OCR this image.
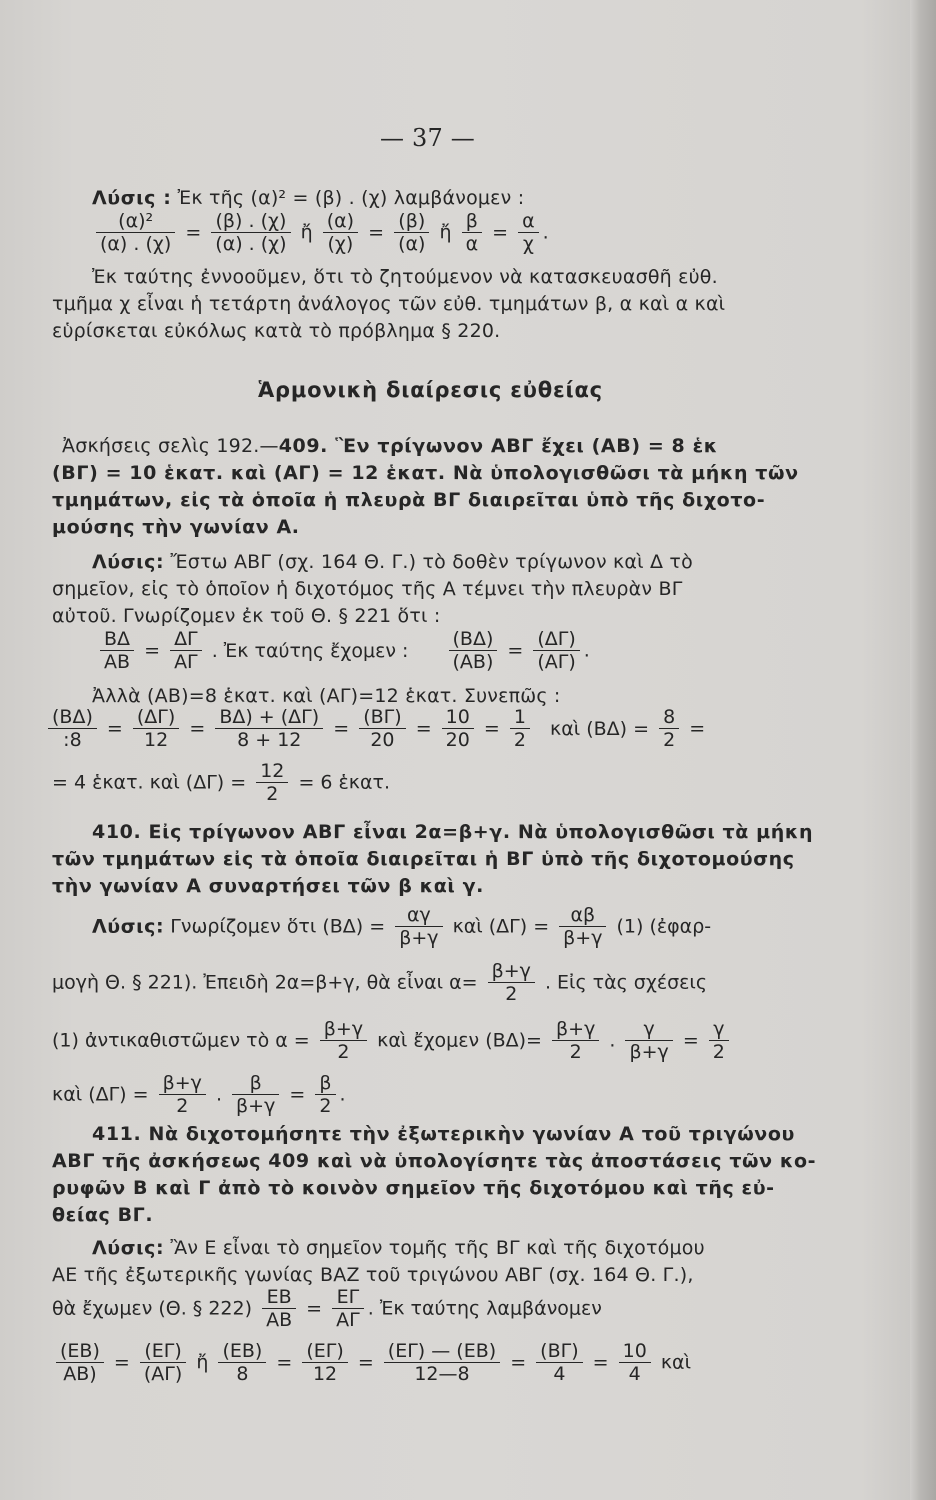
— 37 —
Λύσις : Ἐκ τῆς (α)² = (β) . (χ) λαμβάνομεν :
$\frac{\text{(α)²}}{(\alpha) . (\chi)} = \frac{(\beta) . (\chi)}{(\alpha) . (\chi)}$ ἤ $\frac{(\alpha)}{(\chi)} = \frac{(\beta)}{(\alpha)}$ ἤ $\frac{\beta}{\alpha} = \frac{\alpha}{\chi}$ .
Ἐκ ταύτης ἐννοοῦμεν, ὅτι τὸ ζητούμενον νὰ κατασκευασθῆ εὐθ.
τμῆμα χ εἶναι ἡ τετάρτη ἀνάλογος τῶν εὐθ. τμημάτων β, α καὶ α καὶ
εὑρίσκεται εὐκόλως κατὰ τὸ πρόβλημα § 220.
Ἁρμονικὴ διαίρεσις εὐθείας
Ἀσκήσεις σελὶς 192.—409. Ἓν τρίγωνον ΑΒΓ ἔχει (ΑΒ) = 8 ἑκ
(ΒΓ) = 10 ἑκατ. καὶ (ΑΓ) = 12 ἑκατ. Νὰ ὑπολογισθῶσι τὰ μήκη τῶν
τμημάτων, εἰς τὰ ὁποῖα ἡ πλευρὰ ΒΓ διαιρεῖται ὑπὸ τῆς διχοτο-
μούσης τὴν γωνίαν Α.
Λύσις: Ἔστω ΑΒΓ (σχ. 164 Θ. Γ.) τὸ δοθὲν τρίγωνον καὶ Δ τὸ
σημεῖον, εἰς τὸ ὁποῖον ἡ διχοτόμος τῆς Α τέμνει τὴν πλευρὰν ΒΓ
αὐτοῦ. Γνωρίζομεν ἐκ τοῦ Θ. § 221 ὅτι :
$\frac{B\Delta}{AB} = \frac{\Delta\Gamma}{A\Gamma}$ . Ἐκ ταύτης ἔχομεν : $\frac{(B\Delta)}{(AB)} = \frac{(\Delta\Gamma)}{(A\Gamma)}$ .
Ἀλλὰ (ΑΒ)=8 ἑκατ. καὶ (ΑΓ)=12 ἑκατ. Συνεπῶς :
$\frac{(B\Delta)}{:8} = \frac{(\Delta\Gamma)}{12} = \frac{B\Delta) + (\Delta\Gamma)}{8 + 12} = \frac{(B\Gamma)}{20} = \frac{10}{20} = \frac{1}{2}$ καὶ $(B\Delta) = \frac{8}{2}$ =
= 4 ἑκατ. καὶ $(\Delta\Gamma) = \frac{12}{2} = 6$ ἑκατ.
410. Εἰς τρίγωνον ΑΒΓ εἶναι 2α=β+γ. Νὰ ὑπολογισθῶσι τὰ μήκη
τῶν τμημάτων εἰς τὰ ὁποῖα διαιρεῖται ἡ ΒΓ ὑπὸ τῆς διχοτομούσης
τὴν γωνίαν Α συναρτήσει τῶν β καὶ γ.
Λύσις: Γνωρίζομεν ὅτι $(B\Delta) = \frac{\alpha\gamma}{\beta+\gamma}$ καὶ $(\Delta\Gamma) = \frac{\alpha\beta}{\beta+\gamma} (1)$ (ἐφαρ-
μογὴ Θ. § 221). Ἐπειδὴ 2α=β+γ, θὰ εἶναι $\alpha= \frac{\beta+\gamma}{2}$ . Εἰς τὰς σχέσεις
(1) ἀντικαθιστῶμεν τὸ $\alpha = \frac{\beta+\gamma}{2}$ καὶ ἔχομεν $(B\Delta)= \frac{\beta+\gamma}{2}$ . $\frac{\gamma}{\beta+\gamma} = \frac{\gamma}{2}$
καὶ $(\Delta\Gamma) = \frac{\beta+\gamma}{2}$ . $\frac{\beta}{\beta+\gamma} = \frac{\beta}{2}$ .
411. Νὰ διχοτομήσητε τὴν ἐξωτερικὴν γωνίαν Α τοῦ τριγώνου
ΑΒΓ τῆς ἀσκήσεως 409 καὶ νὰ ὑπολογίσητε τὰς ἀποστάσεις τῶν κο-
ρυφῶν Β καὶ Γ ἀπὸ τὸ κοινὸν σημεῖον τῆς διχοτόμου καὶ τῆς εὐ-
θείας ΒΓ.
Λύσις: Ἂν Ε εἶναι τὸ σημεῖον τομῆς τῆς ΒΓ καὶ τῆς διχοτόμου
ΑΕ τῆς ἐξωτερικῆς γωνίας ΒΑΖ τοῦ τριγώνου ΑΒΓ (σχ. 164 Θ. Γ.),
θὰ ἔχωμεν (Θ. § $222) \frac{EB}{AB} = \frac{E\Gamma}{A\Gamma}$ . Ἐκ ταύτης λαμβάνομεν
$\frac{(EB)}{AB)} = \frac{(E\Gamma)}{(A\Gamma)}$ ἤ $\frac{(EB)}{8} = \frac{(E\Gamma)}{12} = \frac{(E\Gamma) — (EB)}{12—8} = \frac{(B\Gamma)}{4} = \frac{10}{4}$ καὶ
